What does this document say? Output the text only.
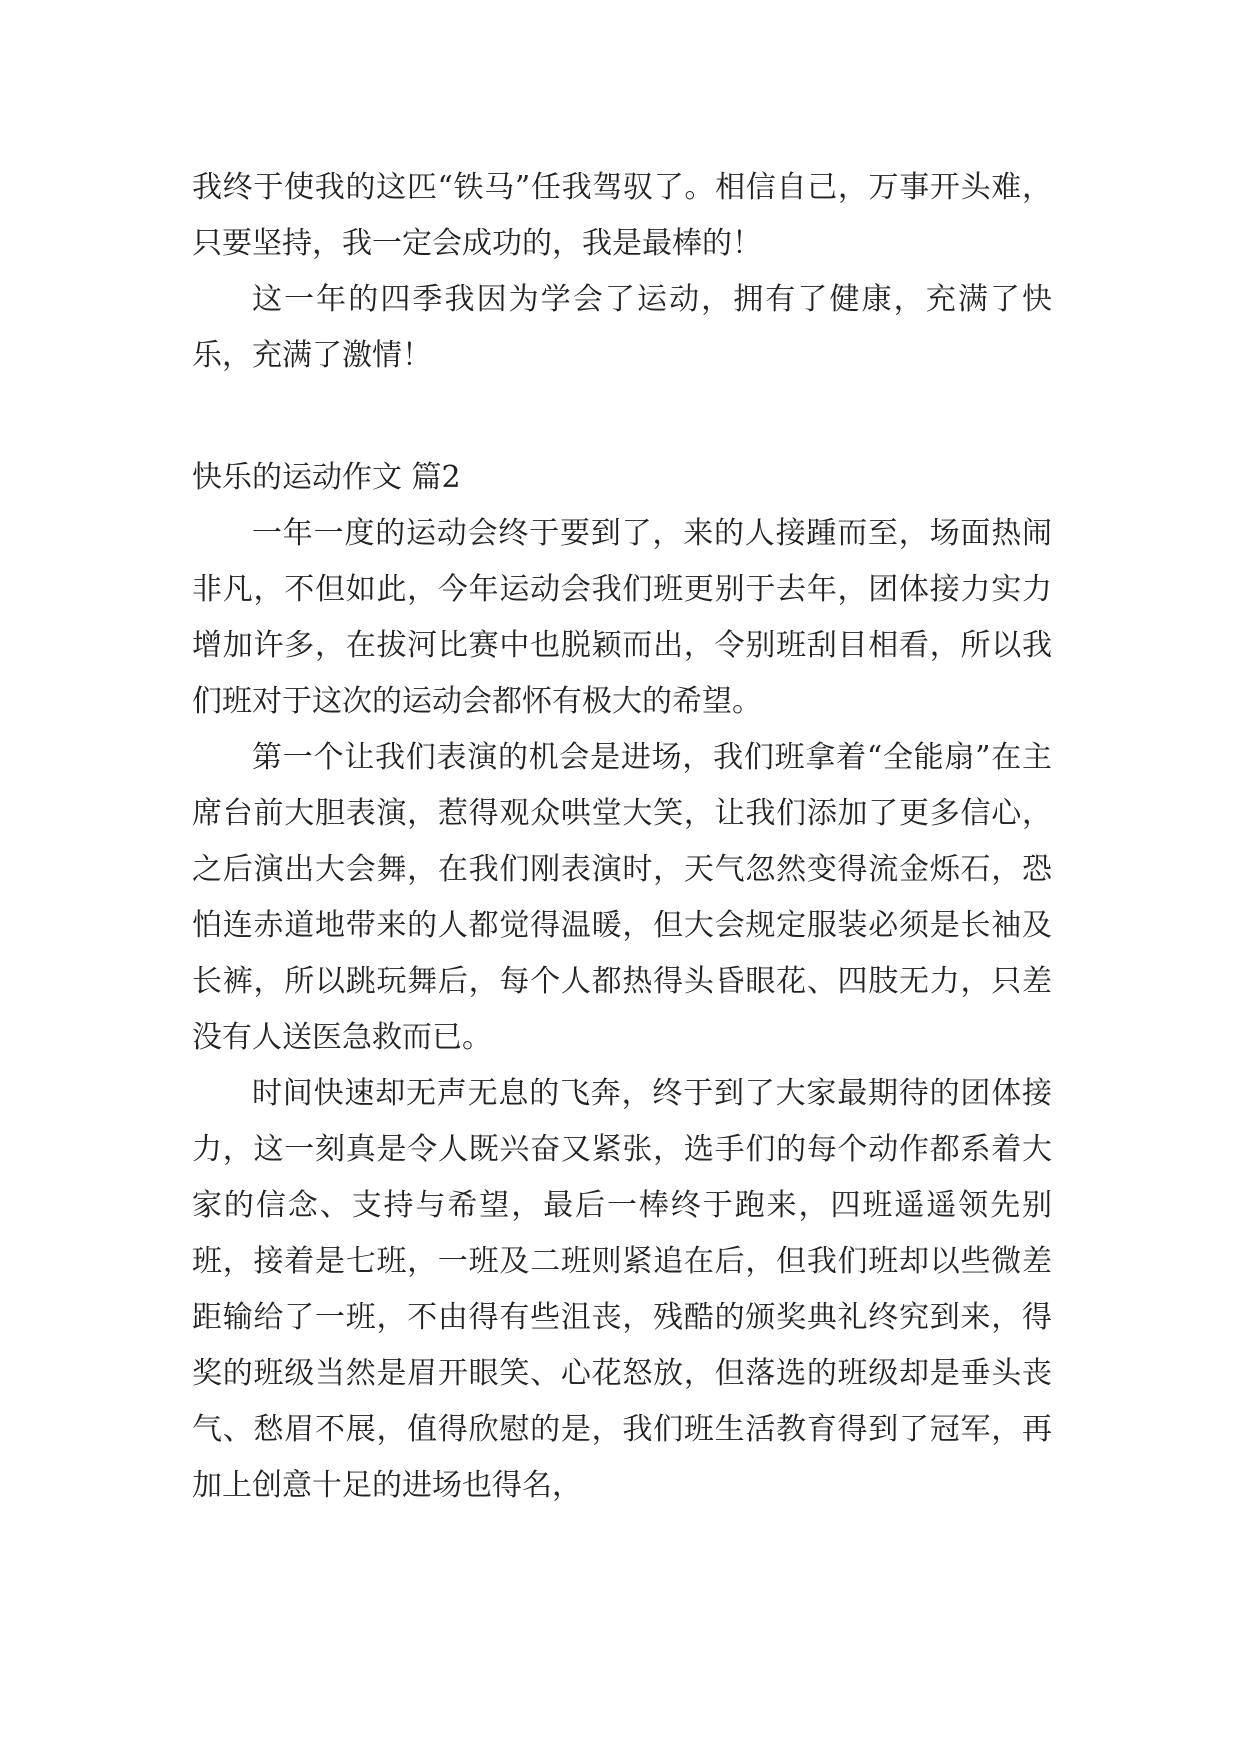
我终于使我的这匹“铁马”任我驾驭了。相信自己，万事开头难，只要坚持，我一定会成功的，我是最棒的！

这一年的四季我因为学会了运动，拥有了健康，充满了快乐，充满了激情！

快乐的运动作文 篇2

一年一度的运动会终于要到了，来的人接踵而至，场面热闹非凡，不但如此，今年运动会我们班更别于去年，团体接力实力增加许多，在拔河比赛中也脱颖而出，令别班刮目相看，所以我们班对于这次的运动会都怀有极大的希望。

第一个让我们表演的机会是进场，我们班拿着“全能扇”在主席台前大胆表演，惹得观众哄堂大笑，让我们添加了更多信心，之后演出大会舞，在我们刚表演时，天气忽然变得流金烁石，恐怕连赤道地带来的人都觉得温暖，但大会规定服装必须是长袖及长裤，所以跳玩舞后，每个人都热得头昏眼花、四肢无力，只差没有人送医急救而已。

时间快速却无声无息的飞奔，终于到了大家最期待的团体接力，这一刻真是令人既兴奋又紧张，选手们的每个动作都系着大家的信念、支持与希望，最后一棒终于跑来，四班遥遥领先别班，接着是七班，一班及二班则紧追在后，但我们班却以些微差距输给了一班，不由得有些沮丧，残酷的颁奖典礼终究到来，得奖的班级当然是眉开眼笑、心花怒放，但落选的班级却是垂头丧气、愁眉不展，值得欣慰的是，我们班生活教育得到了冠军，再加上创意十足的进场也得名，
